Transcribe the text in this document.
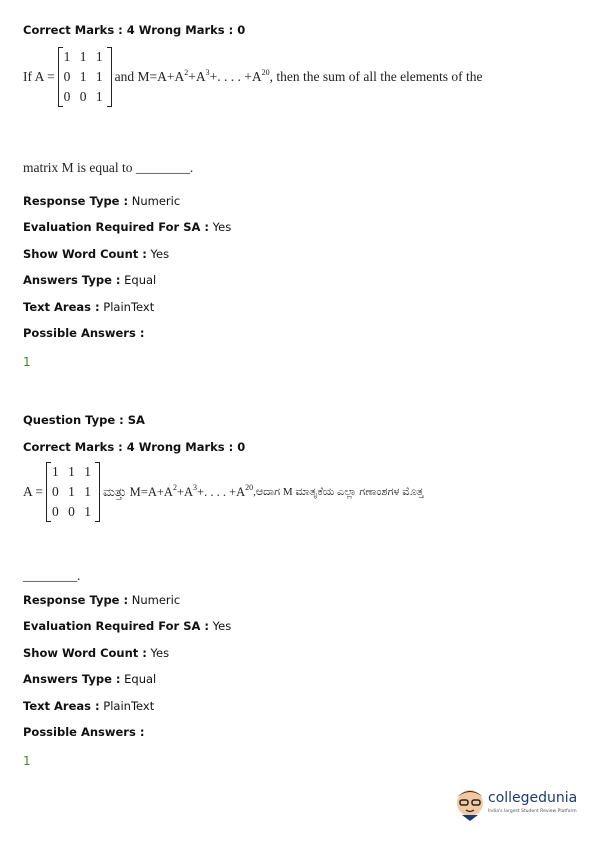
Correct Marks : 4 Wrong Marks : 0
If A =
1 1 1
0 1 1
0 0 1
and $M=A+A^2+A^3+$. . . . $+A^{20}$ , then the sum of all the elements of the
matrix M is equal to ________.
Response Type : Numeric
Evaluation Required For SA : Yes
Show Word Count : Yes
Answers Type : Equal
Text Areas : PlainText
Possible Answers :
1
Question Type : SA
Correct Marks : 4 Wrong Marks : 0
A =
1 1 1
0 1 1
0 0 1
ಮತ್ತು $M=A+A^2+A^3+$. . . . $+A^{20}$ ,ಆದಾಗ M ಮಾತೃಕೆಯ ಎಲ್ಲಾ ಗಣಾಂಶಗಳ ಮೊತ್ತ
________.
Response Type : Numeric
Evaluation Required For SA : Yes
Show Word Count : Yes
Answers Type : Equal
Text Areas : PlainText
Possible Answers :
1
collegedunia
India's largest Student Review Platform
